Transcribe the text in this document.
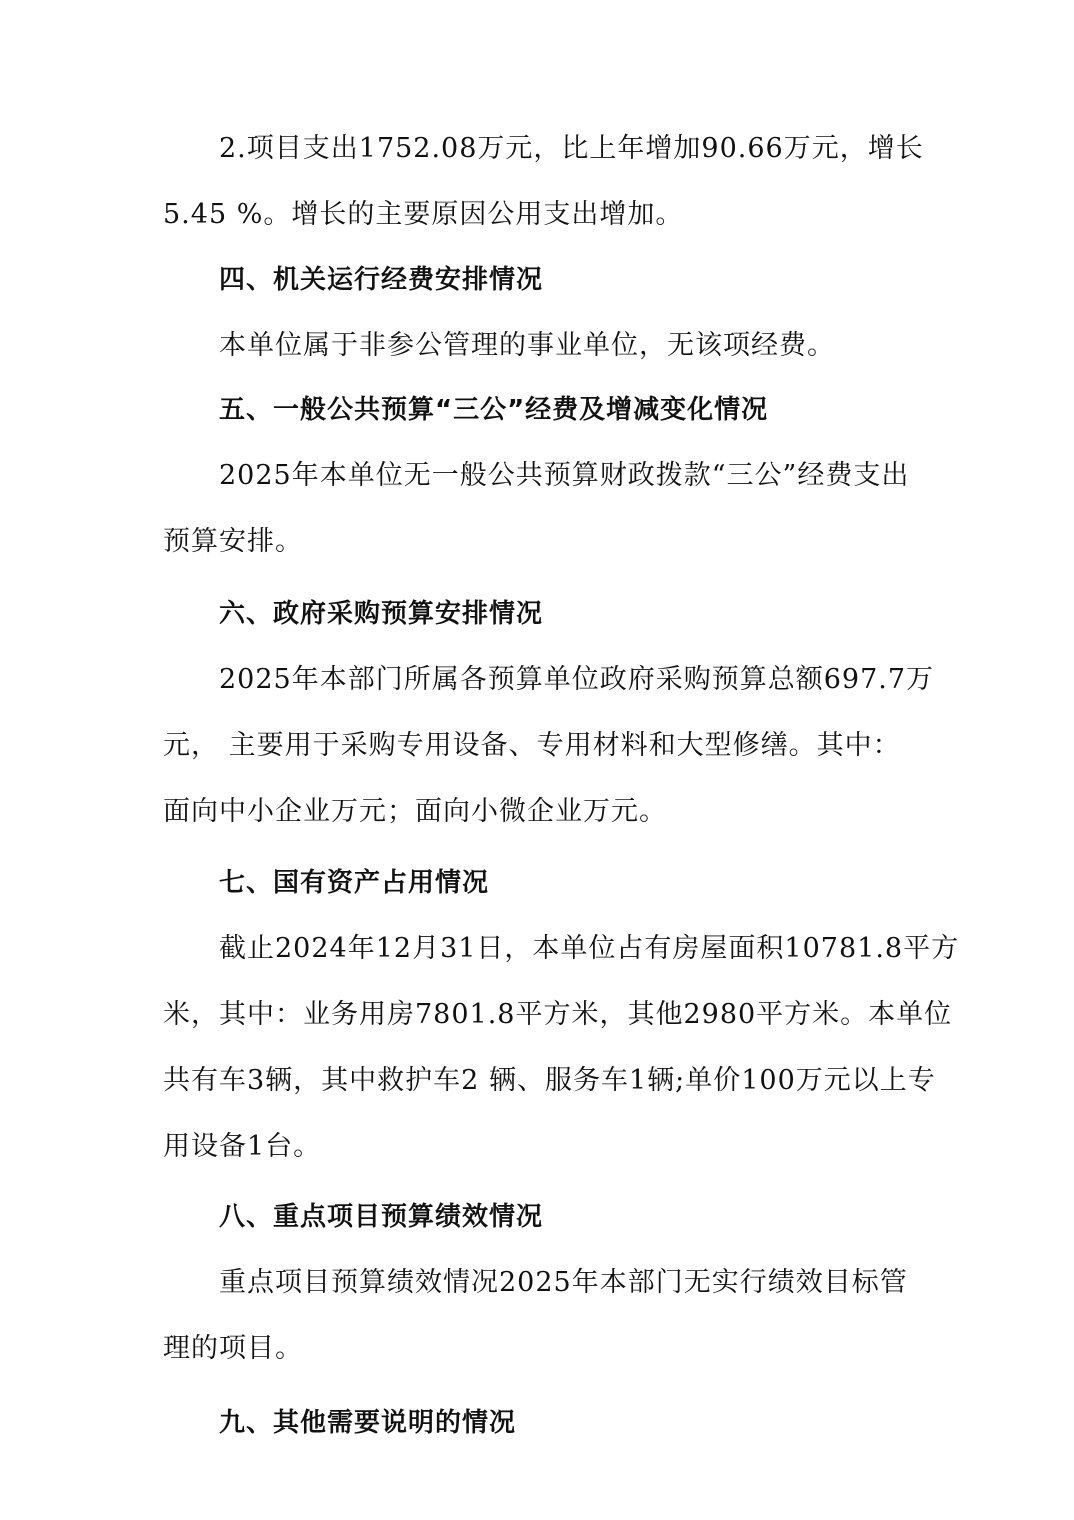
2.项目支出1752.08万元，比上年增加90.66万元，增长
5.45 %。增长的主要原因公用支出增加。
四、机关运行经费安排情况
本单位属于非参公管理的事业单位，无该项经费。
五、一般公共预算“三公”经费及增减变化情况
2025年本单位无一般公共预算财政拨款“三公”经费支出
预算安排。
六、政府采购预算安排情况
2025年本部门所属各预算单位政府采购预算总额697.7万
元， 主要用于采购专用设备、专用材料和大型修缮。其中：
面向中小企业万元；面向小微企业万元。
七、国有资产占用情况
截止2024年12月31日，本单位占有房屋面积10781.8平方
米，其中：业务用房7801.8平方米，其他2980平方米。本单位
共有车3辆，其中救护车2 辆、服务车1辆;单价100万元以上专
用设备1台。
八、重点项目预算绩效情况
重点项目预算绩效情况2025年本部门无实行绩效目标管
理的项目。
九、其他需要说明的情况
